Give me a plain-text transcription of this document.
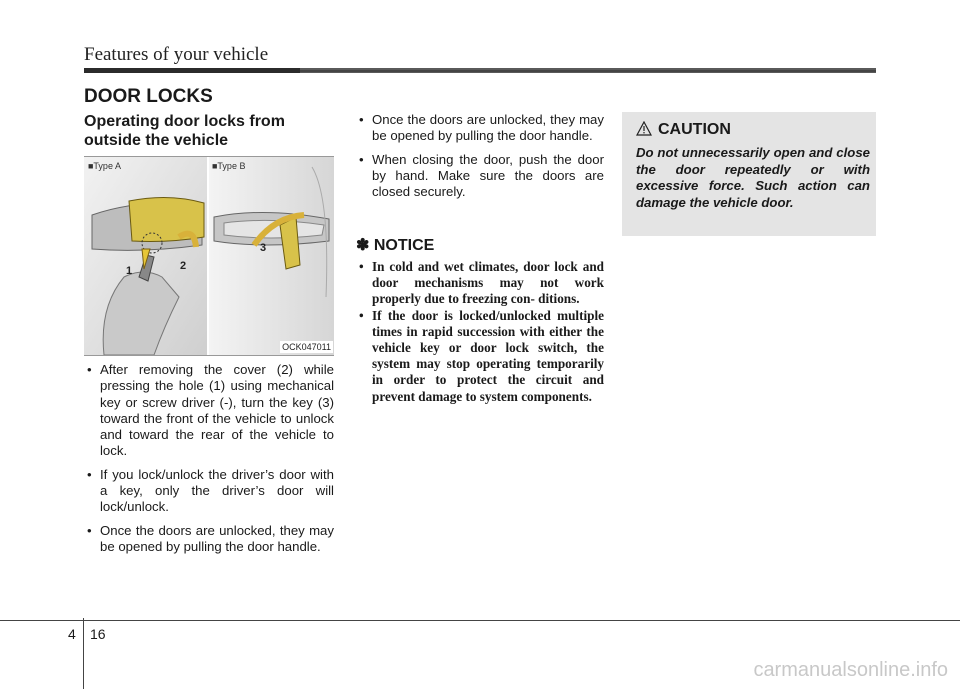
Features of your vehicle
DOOR LOCKS
Operating door locks from outside the vehicle
■Type A	■Type B
1	2
3
OCK047011
• After removing the cover (2) while pressing the hole (1) using mechanical key or screw driver (-), turn the key (3) toward the front of the vehicle to unlock and toward the rear of the vehicle to lock.
• If you lock/unlock the driver’s door with a key, only the driver’s door will lock/unlock.
• Once the doors are unlocked, they may be opened by pulling the door handle.
• Once the doors are unlocked, they may be opened by pulling the door handle.
• When closing the door, push the door by hand. Make sure the doors are closed securely.
✽ NOTICE
• In cold and wet climates, door lock and door mechanisms may not work properly due to freezing con- ditions.
• If the door is locked/unlocked multiple times in rapid succession with either the vehicle key or door lock switch, the system may stop operating temporarily in order to protect the circuit and prevent damage to system components.
CAUTION
Do not unnecessarily open and close the door repeatedly or with excessive force. Such action can damage the vehicle door.
4 16
carmanualsonline.info
